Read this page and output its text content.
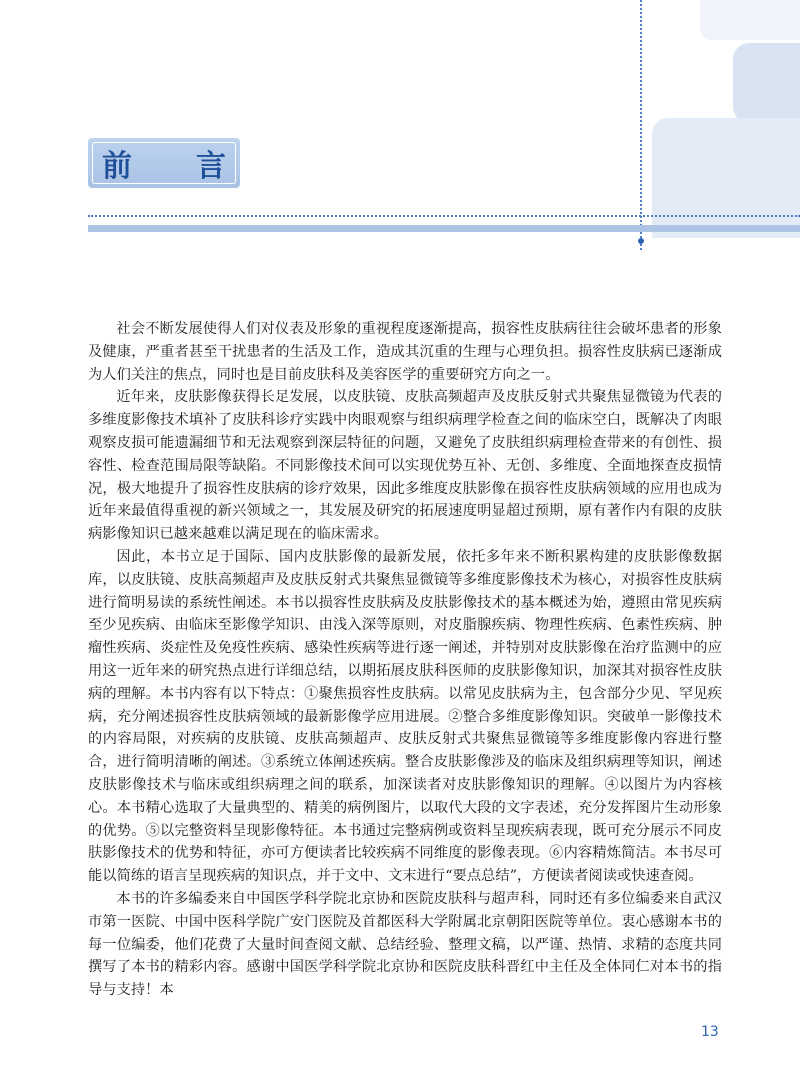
前 言

社会不断发展使得人们对仪表及形象的重视程度逐渐提高，损容性皮肤病往往会破坏患者的形象及健康，严重者甚至干扰患者的生活及工作，造成其沉重的生理与心理负担。损容性皮肤病已逐渐成为人们关注的焦点，同时也是目前皮肤科及美容医学的重要研究方向之一。

近年来，皮肤影像获得长足发展，以皮肤镜、皮肤高频超声及皮肤反射式共聚焦显微镜为代表的多维度影像技术填补了皮肤科诊疗实践中肉眼观察与组织病理学检查之间的临床空白，既解决了肉眼观察皮损可能遗漏细节和无法观察到深层特征的问题，又避免了皮肤组织病理检查带来的有创性、损容性、检查范围局限等缺陷。不同影像技术间可以实现优势互补、无创、多维度、全面地探查皮损情况，极大地提升了损容性皮肤病的诊疗效果，因此多维度皮肤影像在损容性皮肤病领域的应用也成为近年来最值得重视的新兴领域之一，其发展及研究的拓展速度明显超过预期，原有著作内有限的皮肤病影像知识已越来越难以满足现在的临床需求。

因此，本书立足于国际、国内皮肤影像的最新发展，依托多年来不断积累构建的皮肤影像数据库，以皮肤镜、皮肤高频超声及皮肤反射式共聚焦显微镜等多维度影像技术为核心，对损容性皮肤病进行简明易读的系统性阐述。本书以损容性皮肤病及皮肤影像技术的基本概述为始，遵照由常见疾病至少见疾病、由临床至影像学知识、由浅入深等原则，对皮脂腺疾病、物理性疾病、色素性疾病、肿瘤性疾病、炎症性及免疫性疾病、感染性疾病等进行逐一阐述，并特别对皮肤影像在治疗监测中的应用这一近年来的研究热点进行详细总结，以期拓展皮肤科医师的皮肤影像知识，加深其对损容性皮肤病的理解。本书内容有以下特点：①聚焦损容性皮肤病。以常见皮肤病为主，包含部分少见、罕见疾病，充分阐述损容性皮肤病领域的最新影像学应用进展。②整合多维度影像知识。突破单一影像技术的内容局限，对疾病的皮肤镜、皮肤高频超声、皮肤反射式共聚焦显微镜等多维度影像内容进行整合，进行简明清晰的阐述。③系统立体阐述疾病。整合皮肤影像涉及的临床及组织病理等知识，阐述皮肤影像技术与临床或组织病理之间的联系，加深读者对皮肤影像知识的理解。④以图片为内容核心。本书精心选取了大量典型的、精美的病例图片，以取代大段的文字表述，充分发挥图片生动形象的优势。⑤以完整资料呈现影像特征。本书通过完整病例或资料呈现疾病表现，既可充分展示不同皮肤影像技术的优势和特征，亦可方便读者比较疾病不同维度的影像表现。⑥内容精炼简洁。本书尽可能以简练的语言呈现疾病的知识点，并于文中、文末进行“要点总结”，方便读者阅读或快速查阅。

本书的许多编委来自中国医学科学院北京协和医院皮肤科与超声科，同时还有多位编委来自武汉市第一医院、中国中医科学院广安门医院及首都医科大学附属北京朝阳医院等单位。衷心感谢本书的每一位编委，他们花费了大量时间查阅文献、总结经验、整理文稿，以严谨、热情、求精的态度共同撰写了本书的精彩内容。感谢中国医学科学院北京协和医院皮肤科晋红中主任及全体同仁对本书的指导与支持！本

13
